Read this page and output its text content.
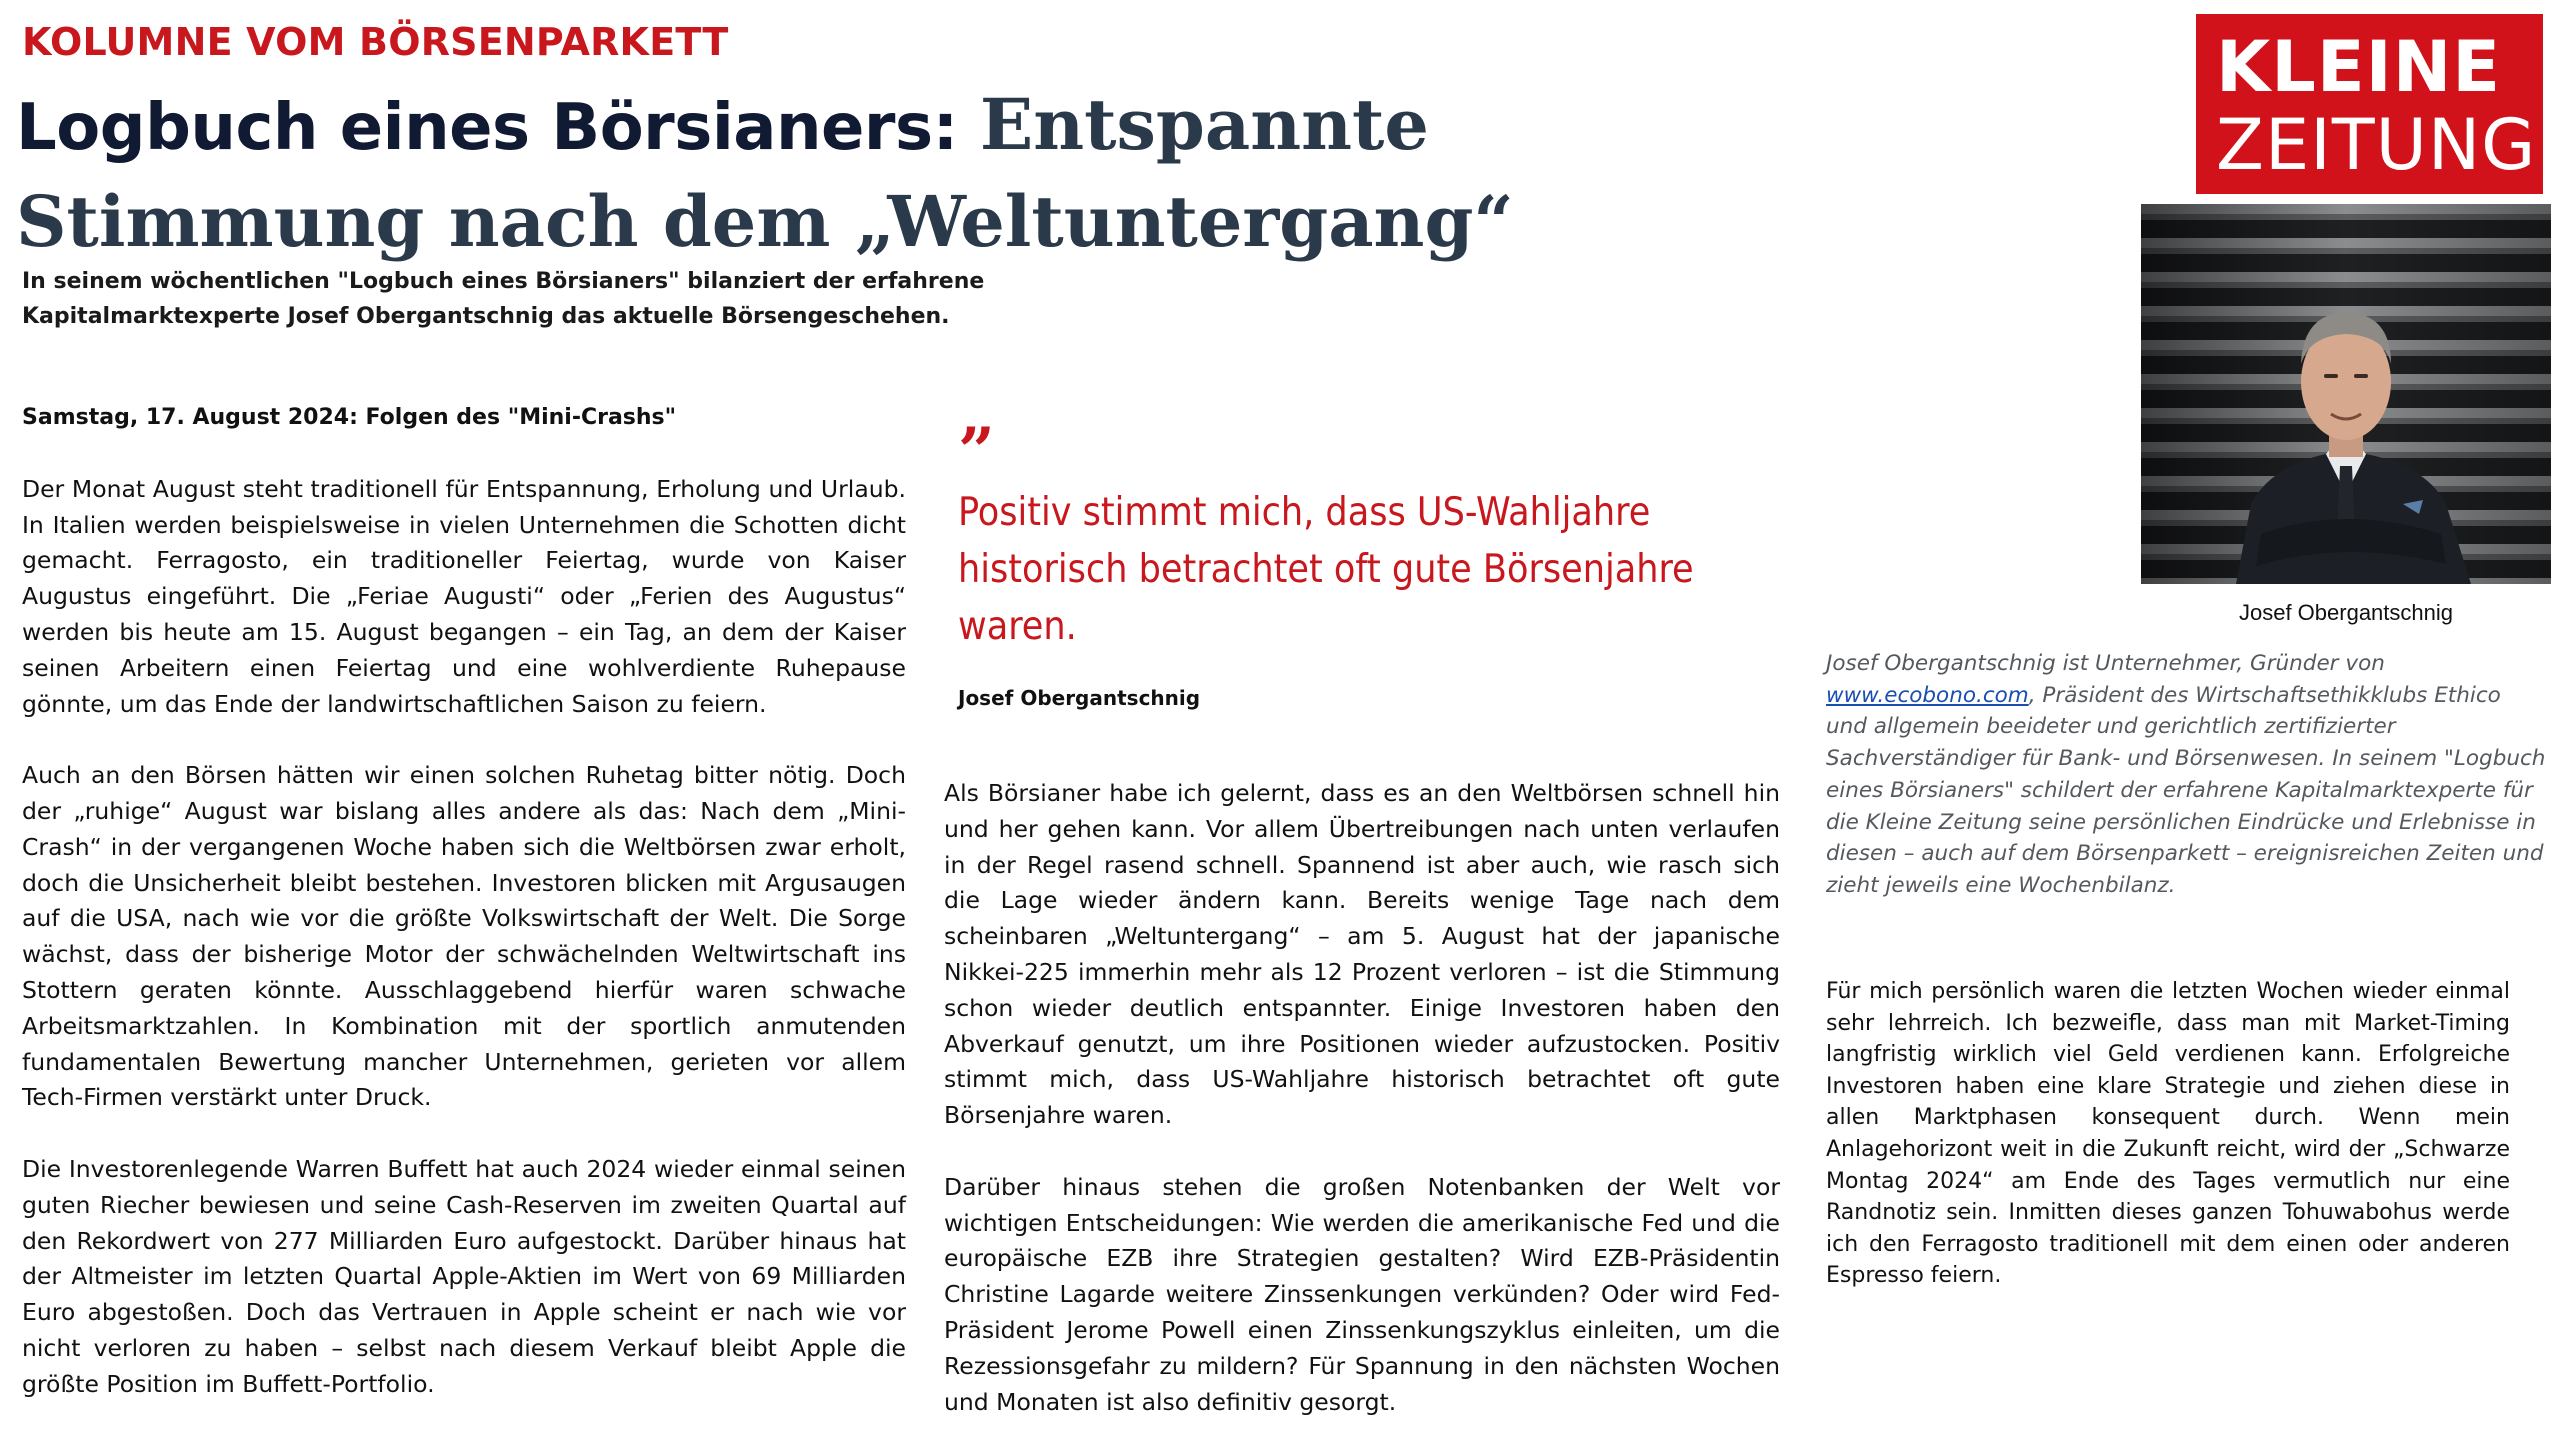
KOLUMNE VOM BÖRSENPARKETT
Logbuch eines Börsianers: Entspannte Stimmung nach dem „Weltuntergang“
In seinem wöchentlichen "Logbuch eines Börsianers" bilanziert der erfahrene
Kapitalmarktexperte Josef Obergantschnig das aktuelle Börsengeschehen.
KLEINE
ZEITUNG
Josef Obergantschnig
Samstag, 17. August 2024: Folgen des "Mini-Crashs"

Der Monat August steht traditionell für Entspannung, Erholung und Urlaub. In Italien werden beispielsweise in vielen Unternehmen die Schotten dicht gemacht. Ferragosto, ein traditioneller Feiertag, wurde von Kaiser Augustus eingeführt. Die „Feriae Augusti“ oder „Ferien des Augustus“ werden bis heute am 15. August begangen – ein Tag, an dem der Kaiser seinen Arbeitern einen Feiertag und eine wohlverdiente Ruhepause gönnte, um das Ende der landwirtschaftlichen Saison zu feiern.

Auch an den Börsen hätten wir einen solchen Ruhetag bitter nötig. Doch der „ruhige“ August war bislang alles andere als das: Nach dem „Mini-Crash“ in der vergangenen Woche haben sich die Weltbörsen zwar erholt, doch die Unsicherheit bleibt bestehen. Investoren blicken mit Argusaugen auf die USA, nach wie vor die größte Volkswirtschaft der Welt. Die Sorge wächst, dass der bisherige Motor der schwächelnden Weltwirtschaft ins Stottern geraten könnte. Ausschlaggebend hierfür waren schwache Arbeitsmarktzahlen. In Kombination mit der sportlich anmutenden fundamentalen Bewertung mancher Unternehmen, gerieten vor allem Tech-Firmen verstärkt unter Druck.

Die Investorenlegende Warren Buffett hat auch 2024 wieder einmal seinen guten Riecher bewiesen und seine Cash-Reserven im zweiten Quartal auf den Rekordwert von 277 Milliarden Euro aufgestockt. Darüber hinaus hat der Altmeister im letzten Quartal Apple-Aktien im Wert von 69 Milliarden Euro abgestoßen. Doch das Vertrauen in Apple scheint er nach wie vor nicht verloren zu haben – selbst nach diesem Verkauf bleibt Apple die größte Position im Buffett-Portfolio.

”
Positiv stimmt mich, dass US-Wahljahre historisch betrachtet oft gute Börsenjahre waren.
Josef Obergantschnig

Als Börsianer habe ich gelernt, dass es an den Weltbörsen schnell hin und her gehen kann. Vor allem Übertreibungen nach unten verlaufen in der Regel rasend schnell. Spannend ist aber auch, wie rasch sich die Lage wieder ändern kann. Bereits wenige Tage nach dem scheinbaren „Weltuntergang“ – am 5. August hat der japanische Nikkei-225 immerhin mehr als 12 Prozent verloren – ist die Stimmung schon wieder deutlich entspannter. Einige Investoren haben den Abverkauf genutzt, um ihre Positionen wieder aufzustocken. Positiv stimmt mich, dass US-Wahljahre historisch betrachtet oft gute Börsenjahre waren.

Darüber hinaus stehen die großen Notenbanken der Welt vor wichtigen Entscheidungen: Wie werden die amerikanische Fed und die europäische EZB ihre Strategien gestalten? Wird EZB-Präsidentin Christine Lagarde weitere Zinssenkungen verkünden? Oder wird Fed-Präsident Jerome Powell einen Zinssenkungszyklus einleiten, um die Rezessionsgefahr zu mildern? Für Spannung in den nächsten Wochen und Monaten ist also definitiv gesorgt.

Josef Obergantschnig ist Unternehmer, Gründer von www.ecobono.com, Präsident des Wirtschaftsethikklubs Ethico und allgemein beeideter und gerichtlich zertifizierter Sachverständiger für Bank- und Börsenwesen. In seinem "Logbuch eines Börsianers" schildert der erfahrene Kapitalmarktexperte für die Kleine Zeitung seine persönlichen Eindrücke und Erlebnisse in diesen – auch auf dem Börsenparkett – ereignisreichen Zeiten und zieht jeweils eine Wochenbilanz.

Für mich persönlich waren die letzten Wochen wieder einmal sehr lehrreich. Ich bezweifle, dass man mit Market-Timing langfristig wirklich viel Geld verdienen kann. Erfolgreiche Investoren haben eine klare Strategie und ziehen diese in allen Marktphasen konsequent durch. Wenn mein Anlagehorizont weit in die Zukunft reicht, wird der „Schwarze Montag 2024“ am Ende des Tages vermutlich nur eine Randnotiz sein. Inmitten dieses ganzen Tohuwabohus werde ich den Ferragosto traditionell mit dem einen oder anderen Espresso feiern.
